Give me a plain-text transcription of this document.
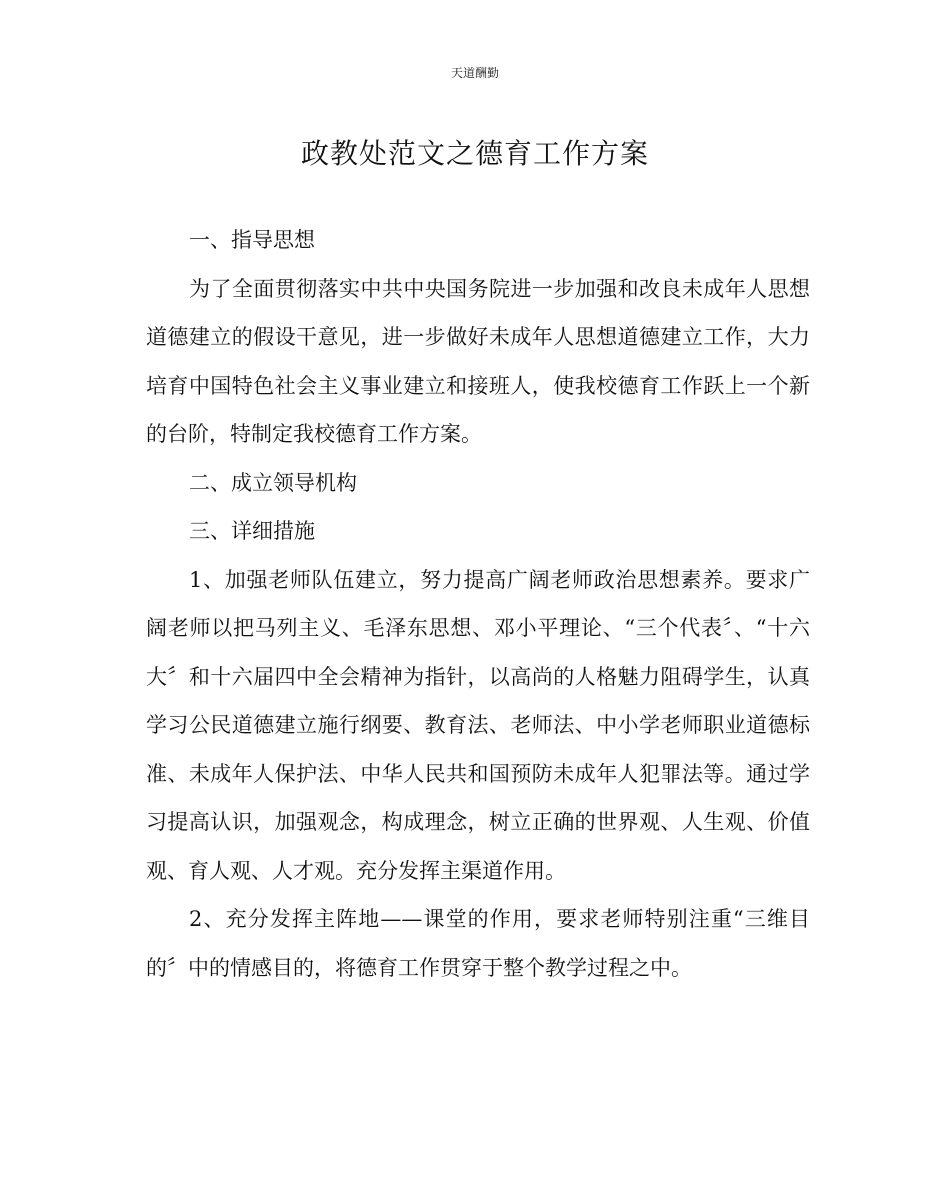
天道酬勤
政教处范文之德育工作方案

一、指导思想

为了全面贯彻落实中共中央国务院进一步加强和改良未成年人思想道德建立的假设干意见，进一步做好未成年人思想道德建立工作，大力培育中国特色社会主义事业建立和接班人，使我校德育工作跃上一个新的台阶，特制定我校德育工作方案。

二、成立领导机构

三、详细措施

1、加强老师队伍建立，努力提高广阔老师政治思想素养。要求广阔老师以把马列主义、毛泽东思想、邓小平理论、“三个代表〞、“十六大〞和十六届四中全会精神为指针，以高尚的人格魅力阻碍学生，认真学习公民道德建立施行纲要、教育法、老师法、中小学老师职业道德标准、未成年人保护法、中华人民共和国预防未成年人犯罪法等。通过学习提高认识，加强观念，构成理念，树立正确的世界观、人生观、价值观、育人观、人才观。充分发挥主渠道作用。

2、充分发挥主阵地——课堂的作用，要求老师特别注重“三维目的〞中的情感目的，将德育工作贯穿于整个教学过程之中。
